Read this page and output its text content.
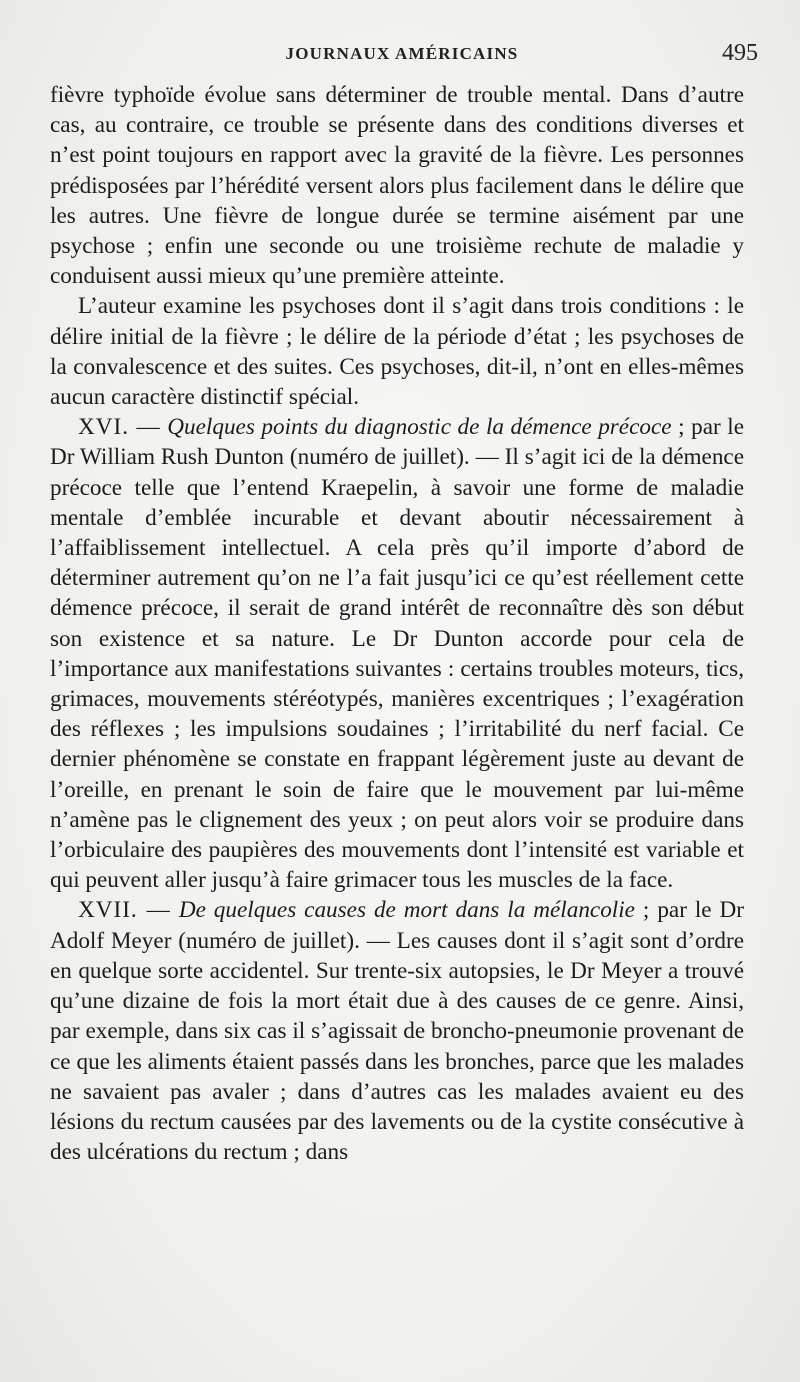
JOURNAUX AMÉRICAINS	495

fièvre typhoïde évolue sans déterminer de trouble mental. Dans d’autre cas, au contraire, ce trouble se présente dans des conditions diverses et n’est point toujours en rapport avec la gravité de la fièvre. Les personnes prédisposées par l’hérédité versent alors plus facilement dans le délire que les autres. Une fièvre de longue durée se termine aisément par une psychose ; enfin une seconde ou une troisième rechute de maladie y conduisent aussi mieux qu’une première atteinte.

L’auteur examine les psychoses dont il s’agit dans trois conditions : le délire initial de la fièvre ; le délire de la période d’état ; les psychoses de la convalescence et des suites. Ces psychoses, dit-il, n’ont en elles-mêmes aucun caractère distinctif spécial.

XVI. — Quelques points du diagnostic de la démence précoce ; par le Dr William Rush Dunton (numéro de juillet). — Il s’agit ici de la démence précoce telle que l’entend Kraepelin, à savoir une forme de maladie mentale d’emblée incurable et devant aboutir nécessairement à l’affaiblissement intellectuel. A cela près qu’il importe d’abord de déterminer autrement qu’on ne l’a fait jusqu’ici ce qu’est réellement cette démence précoce, il serait de grand intérêt de reconnaître dès son début son existence et sa nature. Le Dr Dunton accorde pour cela de l’importance aux manifestations suivantes : certains troubles moteurs, tics, grimaces, mouvements stéréotypés, manières excentriques ; l’exagération des réflexes ; les impulsions soudaines ; l’irritabilité du nerf facial. Ce dernier phénomène se constate en frappant légèrement juste au devant de l’oreille, en prenant le soin de faire que le mouvement par lui-même n’amène pas le clignement des yeux ; on peut alors voir se produire dans l’orbiculaire des paupières des mouvements dont l’intensité est variable et qui peuvent aller jusqu’à faire grimacer tous les muscles de la face.

XVII. — De quelques causes de mort dans la mélancolie ; par le Dr Adolf Meyer (numéro de juillet). — Les causes dont il s’agit sont d’ordre en quelque sorte accidentel. Sur trente-six autopsies, le Dr Meyer a trouvé qu’une dizaine de fois la mort était due à des causes de ce genre. Ainsi, par exemple, dans six cas il s’agissait de broncho-pneumonie provenant de ce que les aliments étaient passés dans les bronches, parce que les malades ne savaient pas avaler ; dans d’autres cas les malades avaient eu des lésions du rectum causées par des lavements ou de la cystite consécutive à des ulcérations du rectum ; dans
